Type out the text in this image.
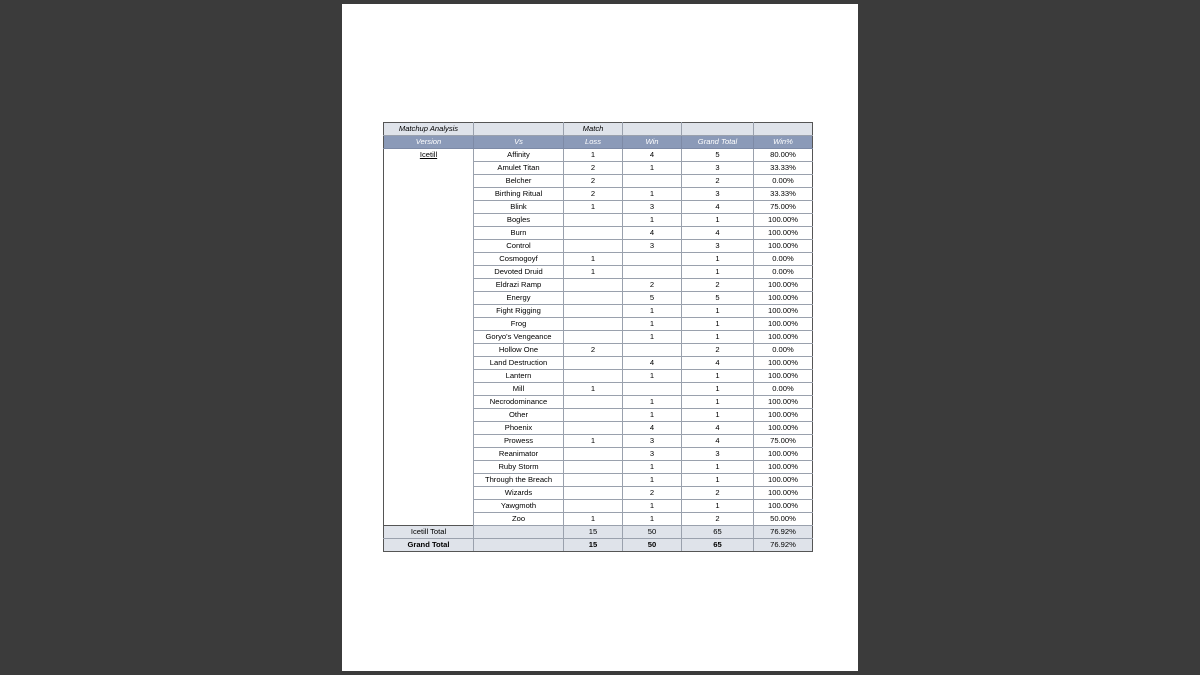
Matchup Analysis		Match			
Version	Vs	Loss	Win	Grand Total	Win%
Icetill	Affinity	1	4	5	80.00%
	Amulet Titan	2	1	3	33.33%
	Belcher	2		2	0.00%
	Birthing Ritual	2	1	3	33.33%
	Blink	1	3	4	75.00%
	Bogles		1	1	100.00%
	Burn		4	4	100.00%
	Control		3	3	100.00%
	Cosmogoyf	1		1	0.00%
	Devoted Druid	1		1	0.00%
	Eldrazi Ramp		2	2	100.00%
	Energy		5	5	100.00%
	Fight Rigging		1	1	100.00%
	Frog		1	1	100.00%
	Goryo's Vengeance		1	1	100.00%
	Hollow One	2		2	0.00%
	Land Destruction		4	4	100.00%
	Lantern		1	1	100.00%
	Mill	1		1	0.00%
	Necrodominance		1	1	100.00%
	Other		1	1	100.00%
	Phoenix		4	4	100.00%
	Prowess	1	3	4	75.00%
	Reanimator		3	3	100.00%
	Ruby Storm		1	1	100.00%
	Through the Breach		1	1	100.00%
	Wizards		2	2	100.00%
	Yawgmoth		1	1	100.00%
	Zoo	1	1	2	50.00%
Icetill Total		15	50	65	76.92%
Grand Total		15	50	65	76.92%
